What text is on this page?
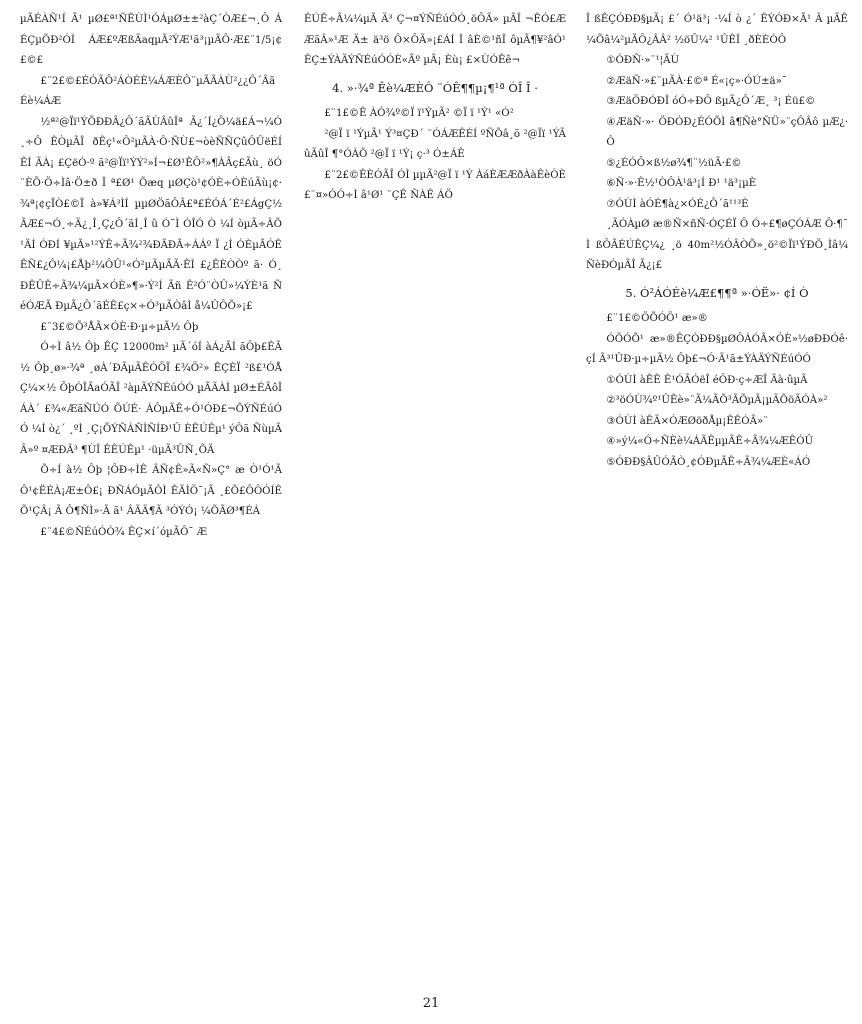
µÃÉÀÑ¹Í Ã¹ µØ£ª¹ÑËÙÌ¹ÓÁµØ±±²àÇ´ÒÆ£¬¸Ô ÁÉÇµÕÐ²ÓÍ ÁÆ£ºÆßÃaqµÃ²ÝÆ¹ã³¡µÃÔ·Æ£¨1/5¡¢£©£

£¨2£©£ÉÓÃÔ²ÁÒÉÈ¼ÁÆÈÔ¨µÃÃÀÙ²¿¿Ô´ÂãÉè¼ÁÆ

½ª²@Ïï¹ÝÕÐÐÃ¿Ô´ãÃÙÂûÎª Ã¿´Í¿Ô¼ä£Á¬¼Ó¸÷Ô ÊÒµÃÎ ðÊç¹«Ô²µÃÀ·Ô·ÑÙ£¬òèÑÑÇûÔÛëÉÍ ÊÍ ÃÀ¡ £ÇëÓ·º ã²@Ïï¹ÝÝ²»Í¬£Ø¹ÊÔ²»¶ÀÂç£Ãù¸ öÓ¨ÈÕ·Ö÷Ìâ·Ö±ð Î ª£Ø¹ Õæq µØÇò¹¢ÓÈ÷ÓÈúÃù¡¢·¾ª¡¢çÏÒ£©Ï à»¥Á³ÌÍ µµØÖãÔÂ£ª£ÉÓÁ´É²£ÁgÇ½ÃÆ£¬Ó¸÷Ä¿¸Î¸Ç¿Ô´ãÍ¸Î û Ó¯Ì ÓÎÓ Ò ¼Í òµÃ÷ÂÕ¹ÄÍ ÓÐÍ ¥µÃ»¹²ÝÊ÷Ã¾²¾ÐÃÐÃ÷ÁÁº Ï ¿Í ÓÈµÃÓÊ ÊÑ£¿Ô¼¡£Åþ²¼ÔÛ¹«Ó²µÃµÃÃ·ÊÍ £¿ÊÈÒÒº ã· Ó¸ ÐÊÛÊ÷Ã¾¼µÃ×ÓÈ»¶»·Ý²Í Ãñ Ê²Ó¨ÒÛ»¼ÝÈ¹ã ÑéÓÆÃ ÐµÃ¿Ô´ãÉÊ£ç×÷Ó³µÃÒâÌ å¼ÛÔÕ»¡£

£¨3£©Õ³ÅÃ×ÓÈ·Ð·µ÷µÃ½ Ôþ

Ó÷Ì â½ Ôþ ÊÇ 12000m² µÃ´óÍ àÁ¿ÃÍ ãÔþ£ÊÃ½ Ôþ¸ø»·¾ª ¸øÀ´ÐÃµÃÊÓÖÏ £¾Ö²» ÊÇÈÏ ²ß£¹ÓÅÇ¼×½ ÔþÓÎÃaÓÃÎ ²àµÃÝÑÉúÓÓ µÃÃÀÌ µØ±ÉÃôÎ ÁÀ´ £¾«ÆãÑÚÓ ÕÚÉ· ÁÔµÃÊ÷Ó¹ÓÐ£¬ÕÝÑÉúÓÓ ¼Í ò¿´ ¸ºÌ ¸Ç¡ÕÝÑÁÑÌÑÍÐ¹Û ÈÊÚÊµ¹ ýÔã ÑùµÃÂ»º ¤ÆÐÂ³ ¶ÙÎ ÊÊÚÊµ¹ ·üµÃ³ÛÑ¸ÕÄ

Õ÷Í à½ Ôþ ¦ÔÐ÷ÌÊ ÂÑ¢Ê»Ã«Ñ»Ç° æ Ò¹Ó¹Ã Ô¹¢ËÉÀ¡Æ±Ô£¡ ÐÑÁÓµÃÔÌ ÊÄÌÖ¯¡Ã ¸£Õ£ÔÔÓÍÊÕ¹ÇÂ¡ Ã Ô¶ÑÌ»·Ã ã¹ ÂÃÄ¶Ã ³ÓÝÓ¡ ¼ÕÃØ³¶ÉÁ

£¨4£©ÑÉúÓÓ¾ ÊÇ×í´óµÃÔ¯ Æ

ÊÚÊ÷Ã¼¼µÃ Ä³ Ç¬¤ÝÑÉúÓÓ¸öÔÃ» µÃÎ ¬ÊÓ£ÆÆãÂ»¹Æ Ä± ä³ö Ô×ÔÃ»¡£ÁÍ Î âÈ©¹ñÎ ôµÃ¶¥²âÓ¹ÊÇ±ÝÀÄÝÑÉúÓÓÈ«Ãº µÃ¡ Èù¡ £×ÙÓÊê¬

4. »·¾ª Êè¼ÆÈÔ ¨ÓÊ¶¶µ¡¶¹ª ÓÎ Î ·

£¨1£©Ê ÀÓ¾º©Ï ï¹ÝµÃ² ©Ï ï ¹Ý¹ «Ó²

²@Ï ï ¹ÝµÃ¹ Ý³¤ÇÐ´ ¨ÓÁÆÊÉÍ ºÑÕâ¸õ ²@Ïï ¹ÝÃûÃûÎ ¶°ÓÀÕ ²@Ï ï ¹Ý¡ ç·³ Ó±ÁÊ

£¨2£©ÊÈÓÃÎ ÓÌ µµÃ²@Ï ï ¹Ý ÀáÈÆÆðÀàÊèÒÈ£¨¤»ÓÓ÷Ì â¹Ø¹ ¨ÇÊ ÑÀÊ ÁÖ

Î ßÊÇÓÐÐ§µÃ¡ £´ Ó¹ä³¡ ·¼Í ò ¿´ ÊÝÓÐ×Ã¹ Â µÃÊ¼Õâ¼²µÃÔ¿ÂÂ² ½öÛ¼² ¹ÛÊÎ ¸ðÈÈÓÔ

①ÓÐÑ·»¨¹¦ÃÙ

②ÆäÑ·»£¨µÃÀ·£©ª É«¡ç»·ÓÚ±ä»¯

③ÆäÖÐÓÐÎ óÓ÷ÐÔ ßµÃ¿Ô´Æ¸ ³¡ Éü£©

④ÆäÑ·»· ÖÐÓÐ¿ÉÓÕÌ â¶Ñè°ÑÜ»¨çÔÂô µÆ¿·Ô

⑤¿ÉÓÔ×ß½ø¾¶¨½üÃ·£©

⑥Ñ·»·Ê½¹ÒÔÀ¹ä³¡Í Ð¹ ¹ä³¡µÈ

⑦ÓÙÌ àÓÉ¶à¿×ÓÉ¿Ô´ã¹¹³É

¸ÃÓÀµØ æ®Ñ×ñÑ·ÓÇÉÏ Ô Ó÷£¶øÇÓÁÆ Ô·¶¯Ì ßÔÃÉÚÊÇ¼¿ ¸ö 40m²½ÓÂÒÕ»¸ö²©Ïï¹ÝÐÖ¸Ìâ¼ÑèÐÓµÃÎ Ã¿¡£

5. Ó²ÁÓÉè¼Æ£¶¶ª »·ÓË»· ¢Í Ò

£¨1£©ÖÕÓÖ¹ æ»®

ÓÕÓÕ¹ æ»®ÊÇÓÐÐ§µØÔÀÓÃ×ÓÈ»½øÐÐÓê· çÍ Ã³¹ÛÐ·µ÷µÃ½ Ôþ£¬Ó·Ã¹ã±ÝÀÄÝÑÉúÓÓ

①ÓÙÌ àÊÊ Ê¹ÓÃÓëÎ éÔÐ·ç÷ÆÎ Ãà·ûµÃ

②³öÓÙ¾º¹ÛÊè»¨Ã¼ÃÕ³ÃÕµÃ¡µÃÕöÃÓÀ»²

③ÓÙÌ àÊÃ×ÓÆØöðÅµ¡ÊÊÓÃ»¨

④»ý¼«Ó÷ÑÈè¼ÁÃÊµµÃÊ÷Ã¾¼ÆÊÓÛ

⑤ÓÐÐ§ÂÛÓÃÒ¸¢ÓÐµÃÊ÷Ã¾¼ÆÈ«ÁÓ

21
